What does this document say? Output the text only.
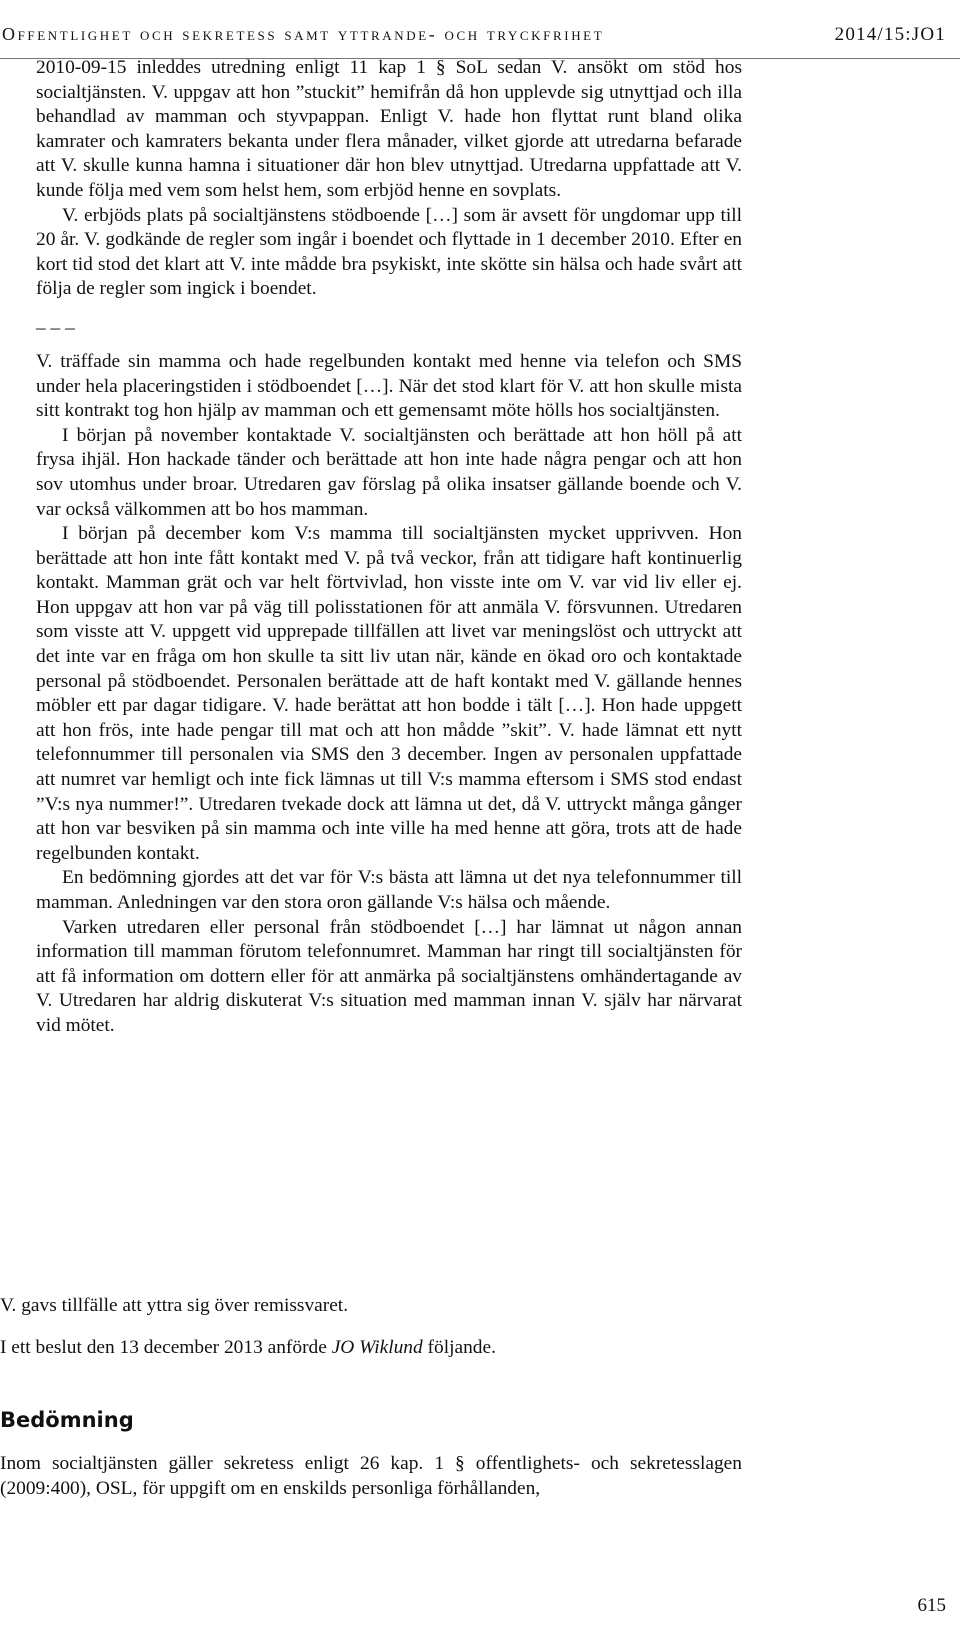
Offentlighet och sekretess samt yttrande- och tryckfrihet	2014/15:JO1

2010-09-15 inleddes utredning enligt 11 kap 1 § SoL sedan V. ansökt om stöd hos socialtjänsten. V. uppgav att hon ”stuckit” hemifrån då hon upplevde sig utnyttjad och illa behandlad av mamman och styvpappan. Enligt V. hade hon flyttat runt bland olika kamrater och kamraters bekanta under flera månader, vilket gjorde att utredarna befarade att V. skulle kunna hamna i situationer där hon blev utnyttjad. Utredarna uppfattade att V. kunde följa med vem som helst hem, som erbjöd henne en sovplats.

V. erbjöds plats på socialtjänstens stödboende […] som är avsett för ungdomar upp till 20 år. V. godkände de regler som ingår i boendet och flyttade in 1 december 2010. Efter en kort tid stod det klart att V. inte mådde bra psykiskt, inte skötte sin hälsa och hade svårt att följa de regler som ingick i boendet.

_ _ _

V. träffade sin mamma och hade regelbunden kontakt med henne via telefon och SMS under hela placeringstiden i stödboendet […]. När det stod klart för V. att hon skulle mista sitt kontrakt tog hon hjälp av mamman och ett gemensamt möte hölls hos socialtjänsten.

I början på november kontaktade V. socialtjänsten och berättade att hon höll på att frysa ihjäl. Hon hackade tänder och berättade att hon inte hade några pengar och att hon sov utomhus under broar. Utredaren gav förslag på olika insatser gällande boende och V. var också välkommen att bo hos mamman.

I början på december kom V:s mamma till socialtjänsten mycket upprivven. Hon berättade att hon inte fått kontakt med V. på två veckor, från att tidigare haft kontinuerlig kontakt. Mamman grät och var helt förtvivlad, hon visste inte om V. var vid liv eller ej. Hon uppgav att hon var på väg till polisstationen för att anmäla V. försvunnen. Utredaren som visste att V. uppgett vid upprepade tillfällen att livet var meningslöst och uttryckt att det inte var en fråga om hon skulle ta sitt liv utan när, kände en ökad oro och kontaktade personal på stödboendet. Personalen berättade att de haft kontakt med V. gällande hennes möbler ett par dagar tidigare. V. hade berättat att hon bodde i tält […]. Hon hade uppgett att hon frös, inte hade pengar till mat och att hon mådde ”skit”. V. hade lämnat ett nytt telefonnummer till personalen via SMS den 3 december. Ingen av personalen uppfattade att numret var hemligt och inte fick lämnas ut till V:s mamma eftersom i SMS stod endast ”V:s nya nummer!”. Utredaren tvekade dock att lämna ut det, då V. uttryckt många gånger att hon var besviken på sin mamma och inte ville ha med henne att göra, trots att de hade regelbunden kontakt.

En bedömning gjordes att det var för V:s bästa att lämna ut det nya telefonnummer till mamman. Anledningen var den stora oron gällande V:s hälsa och mående.

Varken utredaren eller personal från stödboendet […] har lämnat ut någon annan information till mamman förutom telefonnumret. Mamman har ringt till socialtjänsten för att få information om dottern eller för att anmärka på socialtjänstens omhändertagande av V. Utredaren har aldrig diskuterat V:s situation med mamman innan V. själv har närvarat vid mötet.

V. gavs tillfälle att yttra sig över remissvaret.

I ett beslut den 13 december 2013 anförde JO Wiklund följande.

Bedömning

Inom socialtjänsten gäller sekretess enligt 26 kap. 1 § offentlighets- och sekretesslagen (2009:400), OSL, för uppgift om en enskilds personliga förhållanden,

615
